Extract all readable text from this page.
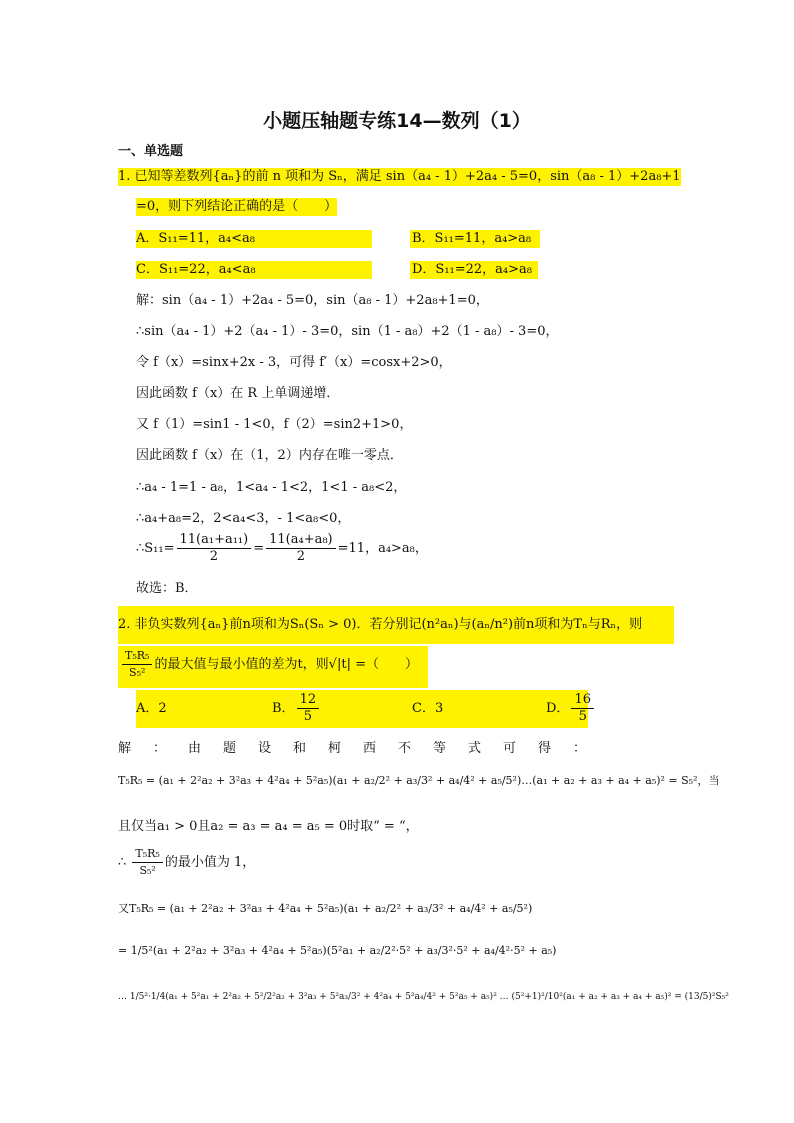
小题压轴题专练14—数列（1）
一、单选题
1. 已知等差数列{aₙ}的前 n 项和为 Sₙ，满足 sin（a₄ - 1）+2a₄ - 5=0，sin（a₈ - 1）+2a₈+1
=0，则下列结论正确的是（　　）
A．S₁₁=11，a₄<a₈	B．S₁₁=11，a₄>a₈
C．S₁₁=22，a₄<a₈	D．S₁₁=22，a₄>a₈
解：sin（a₄ - 1）+2a₄ - 5=0，sin（a₈ - 1）+2a₈+1=0，
∴sin（a₄ - 1）+2（a₄ - 1）- 3=0，sin（1 - a₈）+2（1 - a₈）- 3=0，
令 f（x）=sinx+2x - 3，可得 f′（x）=cosx+2>0，
因此函数 f（x）在 R 上单调递增．
又 f（1）=sin1 - 1<0，f（2）=sin2+1>0，
因此函数 f（x）在（1，2）内存在唯一零点．
∴a₄ - 1=1 - a₈，1<a₄ - 1<2，1<1 - a₈<2，
∴a₄+a₈=2，2<a₄<3，- 1<a₈<0，
∴S₁₁= $\frac{\text{11(a₁+a₁₁)}}{2} = \frac{\text{11(a₄+a₈)}}{2} =11$，a₄>a₈，
故选：B．
2. 非负实数列{aₙ}前n项和为Sₙ(Sₙ > 0)．若分别记(n²aₙ)与(aₙ/n²)前n项和为Tₙ与Rₙ，则
$\frac{\text{T₅R₅}}{\text{S₅²}}$ 的最大值与最小值的差为t，则√|t| =（　　）
A．2	B． $\frac{12}{5}$	C．3	D． $\frac{16}{5}$
解：由题设和柯西不等式可得：
T₅R₅ = (a₁ + 2²a₂ + 3²a₃ + 4²a₄ + 5²a₅)(a₁ + a₂/2² + a₃/3² + a₄/4² + a₅/5²)…(a₁ + a₂ + a₃ + a₄ + a₅)² = S₅²，当
且仅当a₁ > 0且a₂ = a₃ = a₄ = a₅ = 0时取“ = “，
∴ $\frac{\text{T₅R₅}}{\text{S₅²}}$ 的最小值为 1，
又T₅R₅ = (a₁ + 2²a₂ + 3²a₃ + 4²a₄ + 5²a₅)(a₁ + a₂/2² + a₃/3² + a₄/4² + a₅/5²)
= 1/5²(a₁ + 2²a₂ + 3²a₃ + 4²a₄ + 5²a₅)(5²a₁ + a₂/2²·5² + a₃/3²·5² + a₄/4²·5² + a₅)
… 1/5²·1/4(a₁ + 5²a₁ + 2²a₂ + 5²/2²a₂ + 3²a₃ + 5²a₃/3² + 4²a₄ + 5²a₄/4² + 5²a₅ + a₅)² … (5²+1)²/10²(a₁ + a₂ + a₃ + a₄ + a₅)² = (13/5)²S₅²
